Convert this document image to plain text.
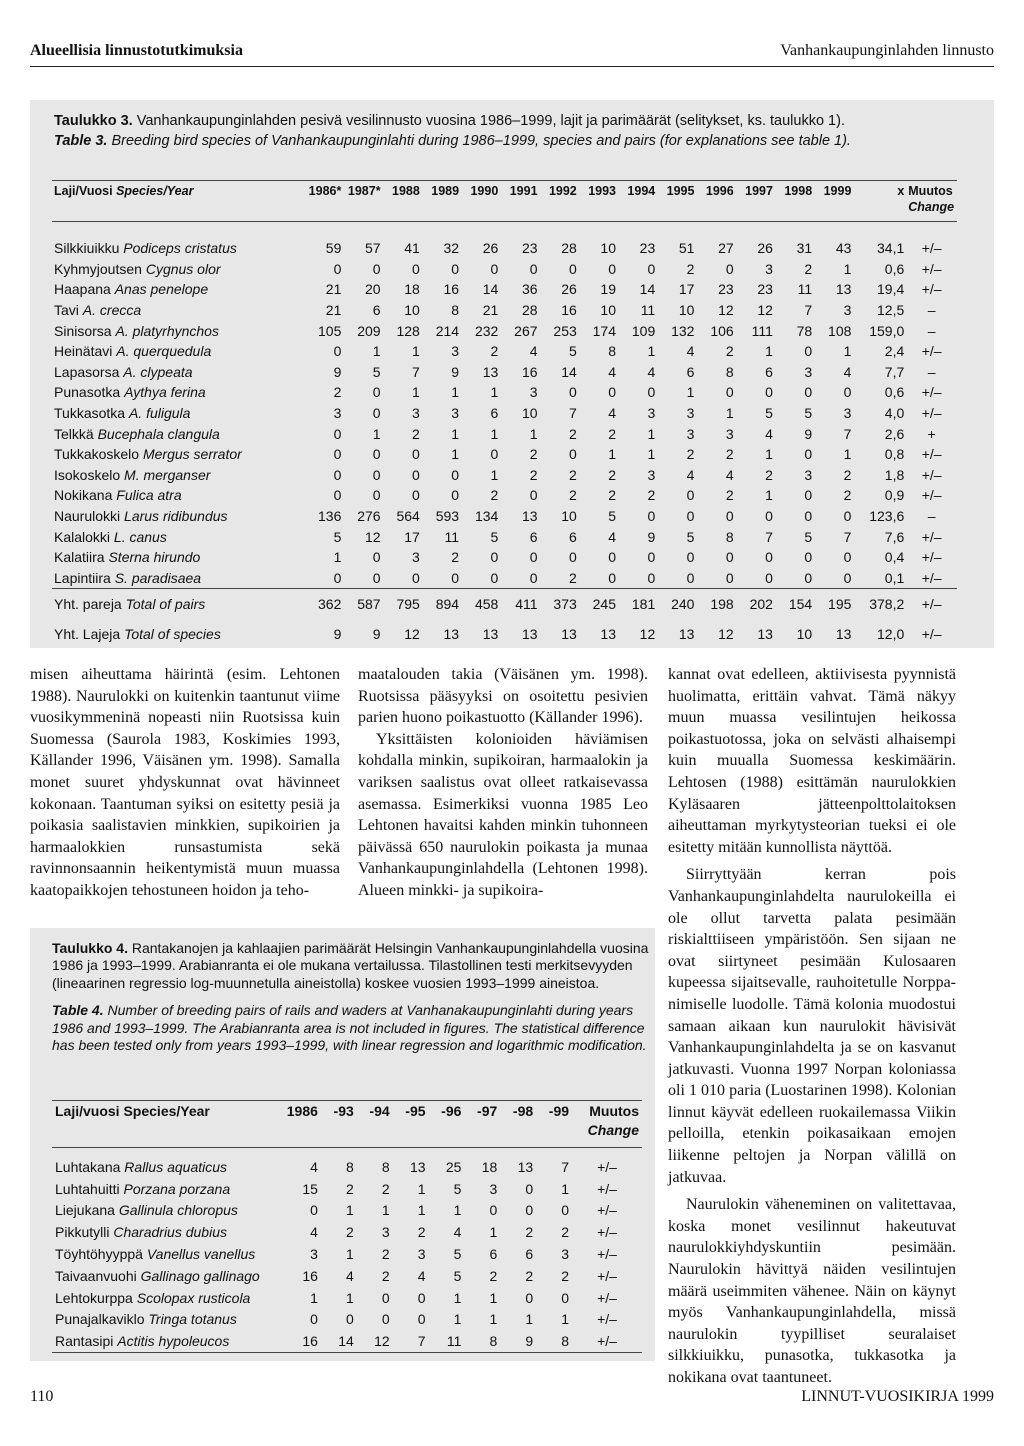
Alueellisia linnustotutkimuksia	Vanhankaupunginlahden linnusto

Taulukko 3. Vanhankaupunginlahden pesivä vesilinnusto vuosina 1986–1999, lajit ja parimäärät (selitykset, ks. taulukko 1).

Table 3. Breeding bird species of Vanhankaupunginlahti during 1986–1999, species and pairs (for explanations see table 1).

Laji/Vuosi Species/Year	1986*	1987*	1988	1989	1990	1991	1992	1993	1994	1995	1996	1997	1998	1999	x	Muutos
																Change

Silkkiuikku Podiceps cristatus	59	57	41	32	26	23	28	10	23	51	27	26	31	43	34,1	+/–
Kyhmyjoutsen Cygnus olor	0	0	0	0	0	0	0	0	0	2	0	3	2	1	0,6	+/–
Haapana Anas penelope	21	20	18	16	14	36	26	19	14	17	23	23	11	13	19,4	+/–
Tavi A. crecca	21	6	10	8	21	28	16	10	11	10	12	12	7	3	12,5	–
Sinisorsa A. platyrhynchos	105	209	128	214	232	267	253	174	109	132	106	111	78	108	159,0	–
Heinätavi A. querquedula	0	1	1	3	2	4	5	8	1	4	2	1	0	1	2,4	+/–
Lapasorsa A. clypeata	9	5	7	9	13	16	14	4	4	6	8	6	3	4	7,7	–
Punasotka Aythya ferina	2	0	1	1	1	3	0	0	0	1	0	0	0	0	0,6	+/–
Tukkasotka A. fuligula	3	0	3	3	6	10	7	4	3	3	1	5	5	3	4,0	+/–
Telkkä Bucephala clangula	0	1	2	1	1	1	2	2	1	3	3	4	9	7	2,6	+
Tukkakoskelo Mergus serrator	0	0	0	1	0	2	0	1	1	2	2	1	0	1	0,8	+/–
Isokoskelo M. merganser	0	0	0	0	1	2	2	2	3	4	4	2	3	2	1,8	+/–
Nokikana Fulica atra	0	0	0	0	2	0	2	2	2	0	2	1	0	2	0,9	+/–
Naurulokki Larus ridibundus	136	276	564	593	134	13	10	5	0	0	0	0	0	0	123,6	–
Kalalokki L. canus	5	12	17	11	5	6	6	4	9	5	8	7	5	7	7,6	+/–
Kalatiira Sterna hirundo	1	0	3	2	0	0	0	0	0	0	0	0	0	0	0,4	+/–
Lapintiira S. paradisaea	0	0	0	0	0	0	2	0	0	0	0	0	0	0	0,1	+/–
Yht. pareja Total of pairs	362	587	795	894	458	411	373	245	181	240	198	202	154	195	378,2	+/–
Yht. Lajeja Total of species	9	9	12	13	13	13	13	13	12	13	12	13	10	13	12,0	+/–

misen aiheuttama häirintä (esim. Lehtonen 1988). Naurulokki on kuitenkin taantunut viime vuosikymmeninä nopeasti niin Ruotsissa kuin Suomessa (Saurola 1983, Koskimies 1993, Källander 1996, Väisänen ym. 1998). Samalla monet suuret yhdyskunnat ovat hävinneet kokonaan. Taantuman syiksi on esitetty pesiä ja poikasia saalistavien minkkien, supikoirien ja harmaalokkien runsastumista sekä ravinnonsaannin heikentymistä muun muassa kaatopaikkojen tehostuneen hoidon ja teho-

maatalouden takia (Väisänen ym. 1998). Ruotsissa pääsyyksi on osoitettu pesivien parien huono poikastuotto (Källander 1996).

Yksittäisten kolonioiden häviämisen kohdalla minkin, supikoiran, harmaalokin ja variksen saalistus ovat olleet ratkaisevassa asemassa. Esimerkiksi vuonna 1985 Leo Lehtonen havaitsi kahden minkin tuhonneen päivässä 650 naurulokin poikasta ja munaa Vanhankaupunginlahdella (Lehtonen 1998). Alueen minkki- ja supikoira-

kannat ovat edelleen, aktiivisesta pyynnistä huolimatta, erittäin vahvat. Tämä näkyy muun muassa vesilintujen heikossa poikastuotossa, joka on selvästi alhaisempi kuin muualla Suomessa keskimäärin. Lehtosen (1988) esittämän naurulokkien Kyläsaaren jätteenpolttolaitoksen aiheuttaman myrkytysteorian tueksi ei ole esitetty mitään kunnollista näyttöä.

Siirryttyään kerran pois Vanhankaupunginlahdelta naurulokeilla ei ole ollut tarvetta palata pesimään riskialttiiseen ympäristöön. Sen sijaan ne ovat siirtyneet pesimään Kulosaaren kupeessa sijaitsevalle, rauhoitetulle Norppa-nimiselle luodolle. Tämä kolonia muodostui samaan aikaan kun naurulokit hävisivät Vanhankaupunginlahdelta ja se on kasvanut jatkuvasti. Vuonna 1997 Norpan koloniassa oli 1 010 paria (Luostarinen 1998). Kolonian linnut käyvät edelleen ruokailemassa Viikin pelloilla, etenkin poikasaikaan emojen liikenne peltojen ja Norpan välillä on jatkuvaa.

Naurulokin väheneminen on valitettavaa, koska monet vesilinnut hakeutuvat naurulokkiyhdyskuntiin pesimään. Naurulokin hävittyä näiden vesilintujen määrä useimmiten vähenee. Näin on käynyt myös Vanhankaupunginlahdella, missä naurulokin tyypilliset seuralaiset silkkiuikku, punasotka, tukkasotka ja nokikana ovat taantuneet.

Taulukko 4. Rantakanojen ja kahlaajien parimäärät Helsingin Vanhankaupunginlahdella vuosina 1986 ja 1993–1999. Arabianranta ei ole mukana vertailussa. Tilastollinen testi merkitsevyyden (lineaarinen regressio log-muunnetulla aineistolla) koskee vuosien 1993–1999 aineistoa.

Table 4. Number of breeding pairs of rails and waders at Vanhanakaupunginlahti during years 1986 and 1993–1999. The Arabianranta area is not included in figures. The statistical difference has been tested only from years 1993–1999, with linear regression and logarithmic modification.

Laji/vuosi Species/Year	1986	-93	-94	-95	-96	-97	-98	-99	Muutos
									Change
Luhtakana Rallus aquaticus	4	8	8	13	25	18	13	7	+/–
Luhtahuitti Porzana porzana	15	2	2	1	5	3	0	1	+/–
Liejukana Gallinula chloropus	0	1	1	1	1	0	0	0	+/–
Pikkutylli Charadrius dubius	4	2	3	2	4	1	2	2	+/–
Töyhtöhyyppä Vanellus vanellus	3	1	2	3	5	6	6	3	+/–
Taivaanvuohi Gallinago gallinago	16	4	2	4	5	2	2	2	+/–
Lehtokurppa Scolopax rusticola	1	1	0	0	1	1	0	0	+/–
Punajalkaviklo Tringa totanus	0	0	0	0	1	1	1	1	+/–
Rantasipi Actitis hypoleucos	16	14	12	7	11	8	9	8	+/–
110	LINNUT-VUOSIKIRJA 1999
